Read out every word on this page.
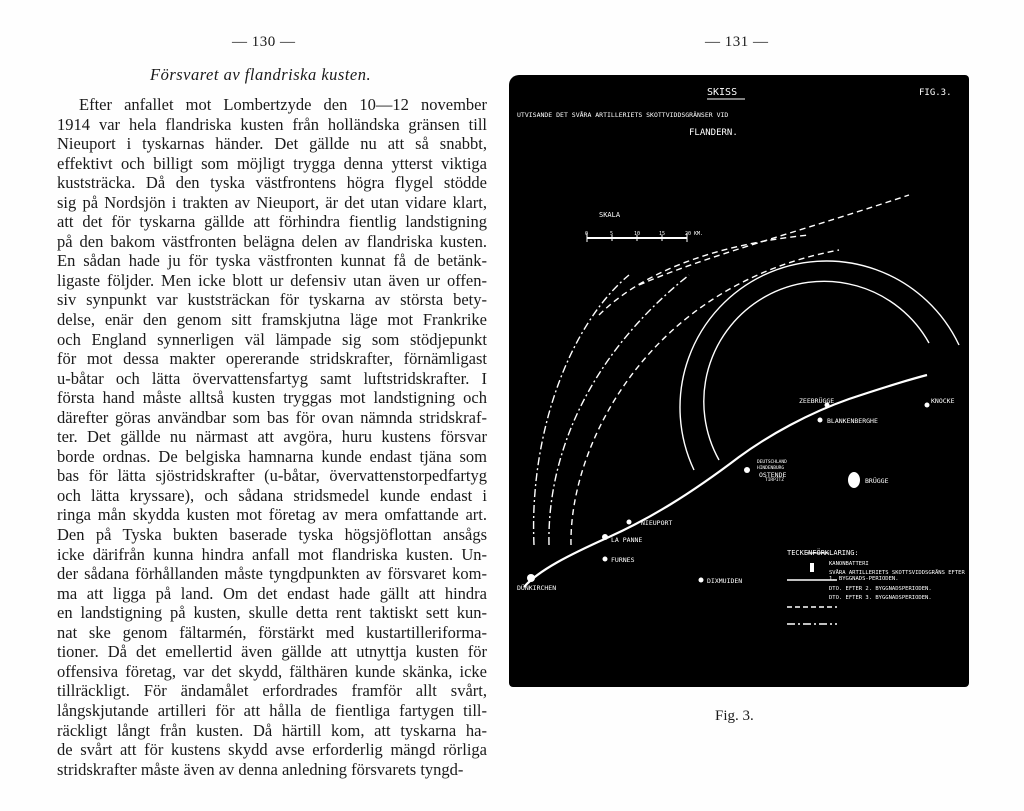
— 130 —	— 131 —
Försvaret av flandriska kusten.
Efter anfallet mot Lombertzyde den 10—12 november
1914 var hela flandriska kusten från holländska gränsen till
Nieuport i tyskarnas händer. Det gällde nu att så snabbt,
effektivt och billigt som möjligt trygga denna ytterst viktiga
kuststräcka. Då den tyska västfrontens högra flygel stödde
sig på Nordsjön i trakten av Nieuport, är det utan vidare klart,
att det för tyskarna gällde att förhindra fientlig landstigning
på den bakom västfronten belägna delen av flandriska kusten.
En sådan hade ju för tyska västfronten kunnat få de betänk-
ligaste följder. Men icke blott ur defensiv utan även ur offen-
siv synpunkt var kuststräckan för tyskarna av största bety-
delse, enär den genom sitt framskjutna läge mot Frankrike
och England synnerligen väl lämpade sig som stödjepunkt
för mot dessa makter opererande stridskrafter, förnämligast
u-båtar och lätta övervattensfartyg samt luftstridskrafter. I
första hand måste alltså kusten tryggas mot landstigning och
därefter göras användbar som bas för ovan nämnda stridskraf-
ter. Det gällde nu närmast att avgöra, huru kustens försvar
borde ordnas. De belgiska hamnarna kunde endast tjäna som
bas för lätta sjöstridskrafter (u-båtar, övervattenstorpedfartyg
och lätta kryssare), och sådana stridsmedel kunde endast i
ringa mån skydda kusten mot företag av mera omfattande art.
Den på Tyska bukten baserade tyska högsjöflottan ansågs
icke därifrån kunna hindra anfall mot flandriska kusten. Un-
der sådana förhållanden måste tyngdpunkten av försvaret kom-
ma att ligga på land. Om det endast hade gällt att hindra
en landstigning på kusten, skulle detta rent taktiskt sett kun-
nat ske genom fältarmén, förstärkt med kustartilleriforma-
tioner. Då det emellertid även gällde att utnyttja kusten för
offensiva företag, var det skydd, fälthären kunde skänka, icke
tillräckligt. För ändamålet erfordrades framför allt svårt,
långskjutande artilleri för att hålla de fientliga fartygen till-
räckligt långt från kusten. Då härtill kom, att tyskarna ha-
de svårt att för kustens skydd avse erforderlig mängd rörliga
stridskrafter måste även av denna anledning försvarets tyngd-
SKISS	FIG.3.
UTVISANDE DET SVÅRA ARTILLERIETS SKOTTVIDDSGRÄNSER VID
FLANDERN.
SKALA
0	5	10	15	20 KM.
ZEEBRÜGGE	KNOCKE
BLANKENBERGHE
OSTENDE
NIEUPORT
LA PANNE
FURNES
DIXMUIDEN
DÜNKIRCHEN
BRÜGGE
TIRPITZ
DEUTSCHLAND
HINDENBURG
TECKENFÖRKLARING:
KANONBATTERI
SVÅRA ARTILLERIETS SKOTTSVIDDSGRÄNS EFTER 1. BYGGNADS-PERIODEN.
DTO. EFTER 2. BYGGNADSPERIODEN.
DTO. EFTER 3. BYGGNADSPERIODEN.
Fig. 3.
